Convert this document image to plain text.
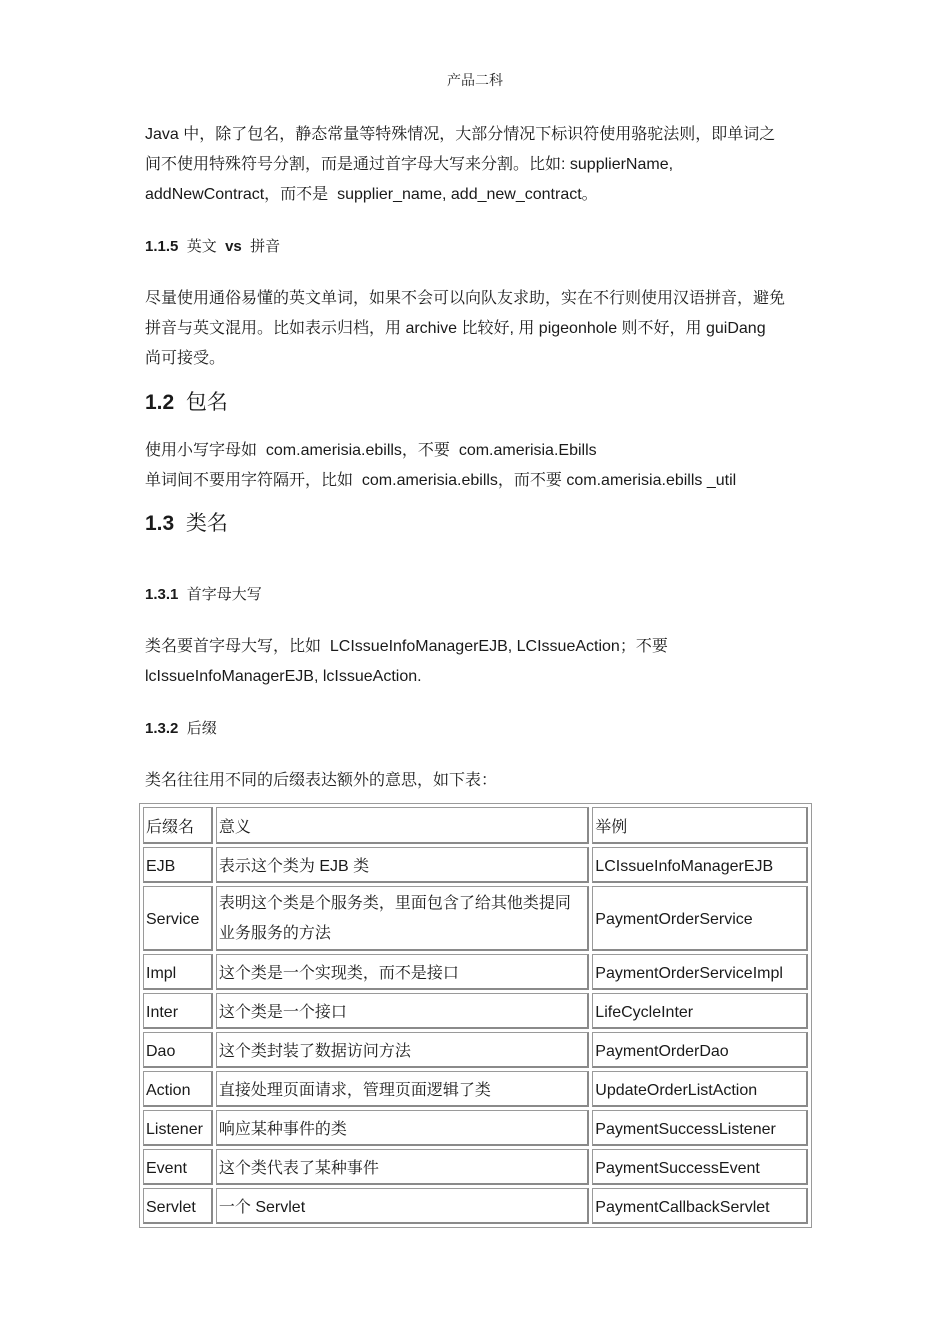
产品二科

Java 中，除了包名，静态常量等特殊情况，大部分情况下标识符使用骆驼法则，即单词之

间不使用特殊符号分割，而是通过首字母大写来分割。比如: supplierName,

addNewContract，而不是  supplier_name, add_new_contract。

1.1.5 英文 vs 拼音

尽量使用通俗易懂的英文单词，如果不会可以向队友求助，实在不行则使用汉语拼音，避免

拼音与英文混用。比如表示归档，用 archive 比较好, 用 pigeonhole 则不好，用 guiDang

尚可接受。

1.2 包名

使用小写字母如  com.amerisia.ebills，不要  com.amerisia.Ebills

单词间不要用字符隔开，比如  com.amerisia.ebills，而不要 com.amerisia.ebills _util

1.3 类名

1.3.1 首字母大写

类名要首字母大写，比如  LCIssueInfoManagerEJB, LCIssueAction；不要

lcIssueInfoManagerEJB, lcIssueAction.

1.3.2 后缀

类名往往用不同的后缀表达额外的意思，如下表：

后缀名	意义	举例
EJB	表示这个类为 EJB 类	LCIssueInfoManagerEJB
Service	表明这个类是个服务类，里面包含了给其他类提同业务服务的方法	PaymentOrderService
Impl	这个类是一个实现类，而不是接口	PaymentOrderServiceImpl
Inter	这个类是一个接口	LifeCycleInter
Dao	这个类封装了数据访问方法	PaymentOrderDao
Action	直接处理页面请求，管理页面逻辑了类	UpdateOrderListAction
Listener	响应某种事件的类	PaymentSuccessListener
Event	这个类代表了某种事件	PaymentSuccessEvent
Servlet	一个 Servlet	PaymentCallbackServlet
